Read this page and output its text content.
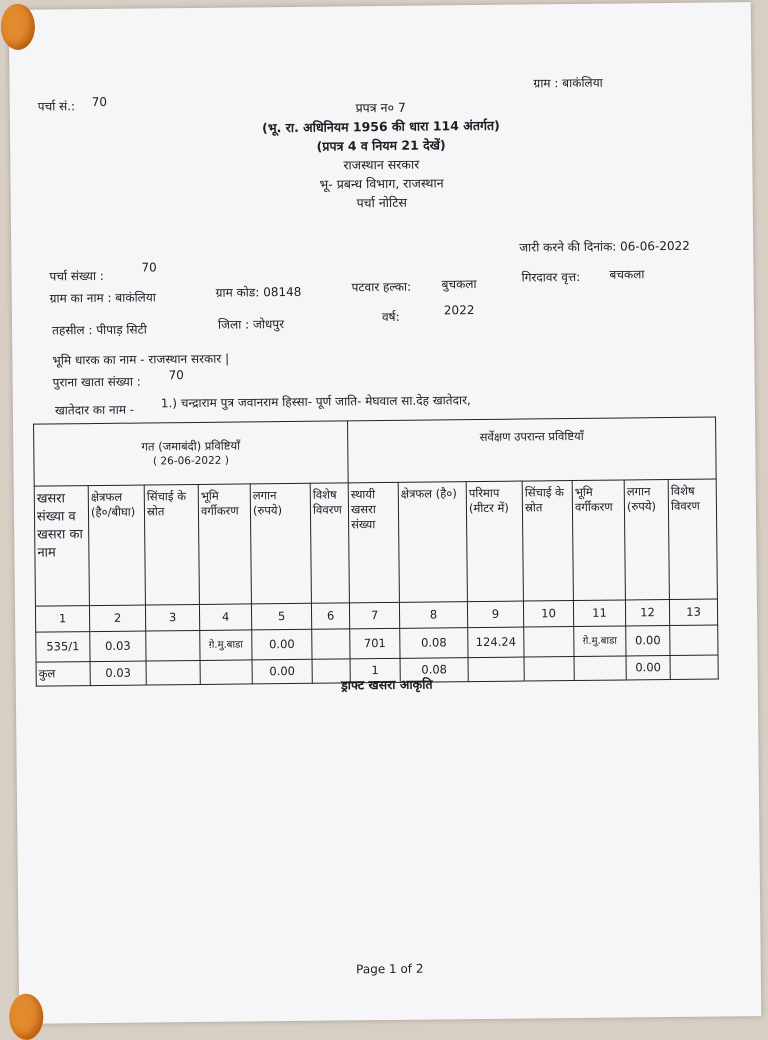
पर्चा सं.: 70
ग्राम : बाकंलिया
प्रपत्र न० 7
(भू. रा. अधिनियम 1956 की धारा 114 अंतर्गत)
(प्रपत्र 4 व नियम 21 देखें)
राजस्थान सरकार
भू- प्रबन्ध विभाग, राजस्थान
पर्चा नोटिस
जारी करने की दिनांक: 06-06-2022
पर्चा संख्या :
70
ग्राम का नाम : बाकंलिया	ग्राम कोड: 08148	पटवार हल्का:	बुचकला	गिरदावर वृत्त: बचकला
तहसील : पीपाड़ सिटी	जिला : जोधपुर
वर्ष:	2022
भूमि धारक का नाम - राजस्थान सरकार |
पुराना खाता संख्या : 70
खातेदार का नाम - 1.) चन्द्राराम पुत्र जवानराम हिस्सा- पूर्ण जाति- मेघवाल सा.देह खातेदार,
गत (जमाबंदी) प्रविष्टियाँ
( 26-06-2022 )						सर्वेक्षण उपरान्त प्रविष्टियाँ						
खसरा संख्या व खसरा का नाम	क्षेत्रफल (है०/बीघा)	सिंचाई के स्रोत	भूमि वर्गीकरण	लगान (रुपये)	विशेष विवरण	स्थायी खसरा संख्या	क्षेत्रफल (है०)	परिमाप (मीटर में)	सिंचाई के स्रोत	भूमि वर्गीकरण	लगान (रुपये)	विशेष विवरण
1	2	3	4	5	6	7	8	9	10	11	12	13
535/1	0.03		ग़े.मु.बाडा	0.00		701	0.08	124.24		ग़े.मु.बाडा	0.00	
कुल	0.03			0.00		1	0.08				0.00	
ड्राफ्ट खसरा आकृति
Page 1 of 2
